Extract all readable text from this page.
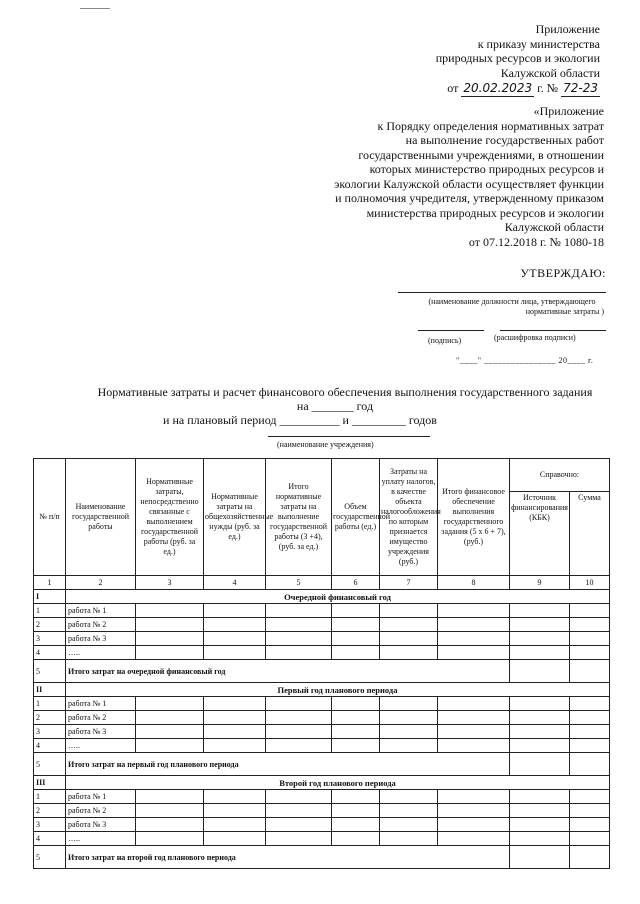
Приложение
к приказу министерства
природных ресурсов и экологии
Калужской области
от 20.02.2023 г. № 72-23
«Приложение
к Порядку определения нормативных затрат
на выполнение государственных работ
государственными учреждениями, в отношении
которых министерство природных ресурсов и
экологии Калужской области осуществляет функции
и полномочия учредителя, утвержденному приказом
министерства природных ресурсов и экологии
Калужской области
от 07.12.2018 г. № 1080-18
УТВЕРЖДАЮ:
(наименование должности лица, утверждающего
нормативные затраты )
(подпись)	(расшифровка подписи)
"____" ________________ 20____ г.
Нормативные затраты и расчет финансового обеспечения выполнения государственного задания
на _______ год
и на плановый период __________ и _________ годов
(наименование учреждения)
№ п/п	Наименование государственной работы	Нормативные затраты, непосредственно связанные с выполнением государственной работы (руб. за ед.)	Нормативные затраты на общехозяйственные нужды (руб. за ед.)	Итого нормативные затраты на выполнение государственной работы (3 +4), (руб. за ед.)	Объем государственной работы (ед.)	Затраты на уплату налогов, в качестве объекта налогообложения по которым признается имущество учреждения (руб.)	Итого финансовое обеспечение выполнения государственного задания (5 х 6 + 7), (руб.)	Справочно:	
								Источник финансирования (КБК)	Сумма
1	2	3	4	5	6	7	8	9	10
I	Очередной финансовый год								
1	работа № 1								
2	работа № 2								
3	работа № 3								
4	…..								
5	Итого затрат на очередной финансовый год								
II	Первый год планового периода								
1	работа № 1								
2	работа № 2								
3	работа № 3								
4	…..								
5	Итого затрат на первый год планового периода								
III	Второй год планового периода								
1	работа № 1								
2	работа № 2								
3	работа № 3								
4	…..								
5	Итого затрат на второй год планового периода								
